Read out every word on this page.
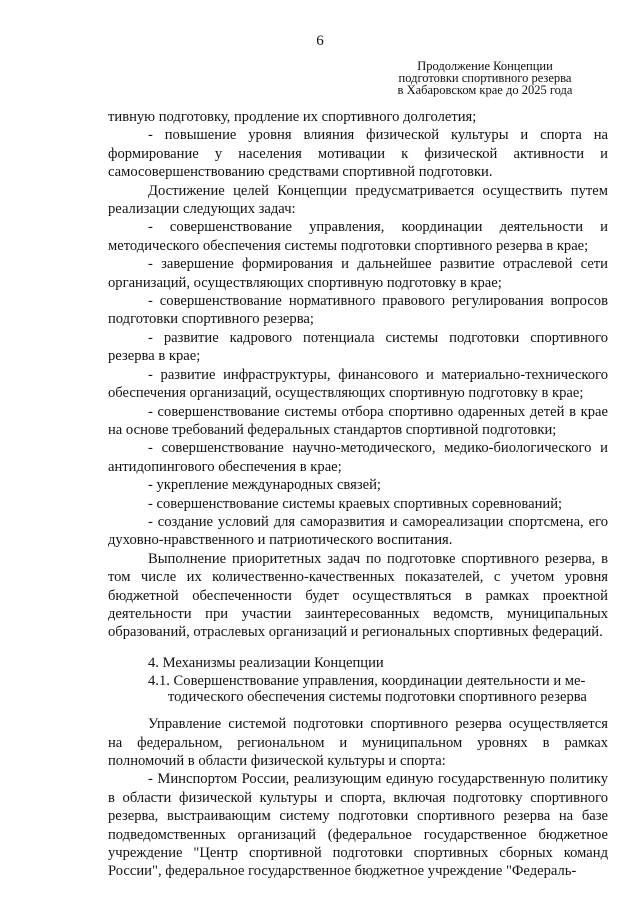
6
Продолжение Концепции
подготовки спортивного резерва
в Хабаровском крае до 2025 года

тивную подготовку, продление их спортивного долголетия;

- повышение уровня влияния физической культуры и спорта на формирование у населения мотивации к физической активности и самосовершенствованию средствами спортивной подготовки.

Достижение целей Концепции предусматривается осуществить путем реализации следующих задач:

- совершенствование управления, координации деятельности и методического обеспечения системы подготовки спортивного резерва в крае;

- завершение формирования и дальнейшее развитие отраслевой сети организаций, осуществляющих спортивную подготовку в крае;

- совершенствование нормативного правового регулирования вопросов подготовки спортивного резерва;

- развитие кадрового потенциала системы подготовки спортивного резерва в крае;

- развитие инфраструктуры, финансового и материально-технического обеспечения организаций, осуществляющих спортивную подготовку в крае;

- совершенствование системы отбора спортивно одаренных детей в крае на основе требований федеральных стандартов спортивной подготовки;

- совершенствование научно-методического, медико-биологического и антидопингового обеспечения в крае;

- укрепление международных связей;

- совершенствование системы краевых спортивных соревнований;

- создание условий для саморазвития и самореализации спортсмена, его духовно-нравственного и патриотического воспитания.

Выполнение приоритетных задач по подготовке спортивного резерва, в том числе их количественно-качественных показателей, с учетом уровня бюджетной обеспеченности будет осуществляться в рамках проектной деятельности при участии заинтересованных ведомств, муниципальных образований, отраслевых организаций и региональных спортивных федераций.

4. Механизмы реализации Концепции

4.1. Совершенствование управления, координации деятельности и ме-
тодического обеспечения системы подготовки спортивного резерва

Управление системой подготовки спортивного резерва осуществляется на федеральном, региональном и муниципальном уровнях в рамках полномочий в области физической культуры и спорта:

- Минспортом России, реализующим единую государственную политику в области физической культуры и спорта, включая подготовку спортивного резерва, выстраивающим систему подготовки спортивного резерва на базе подведомственных организаций (федеральное государственное бюджетное учреждение "Центр спортивной подготовки спортивных сборных команд России", федеральное государственное бюджетное учреждение "Федераль-
